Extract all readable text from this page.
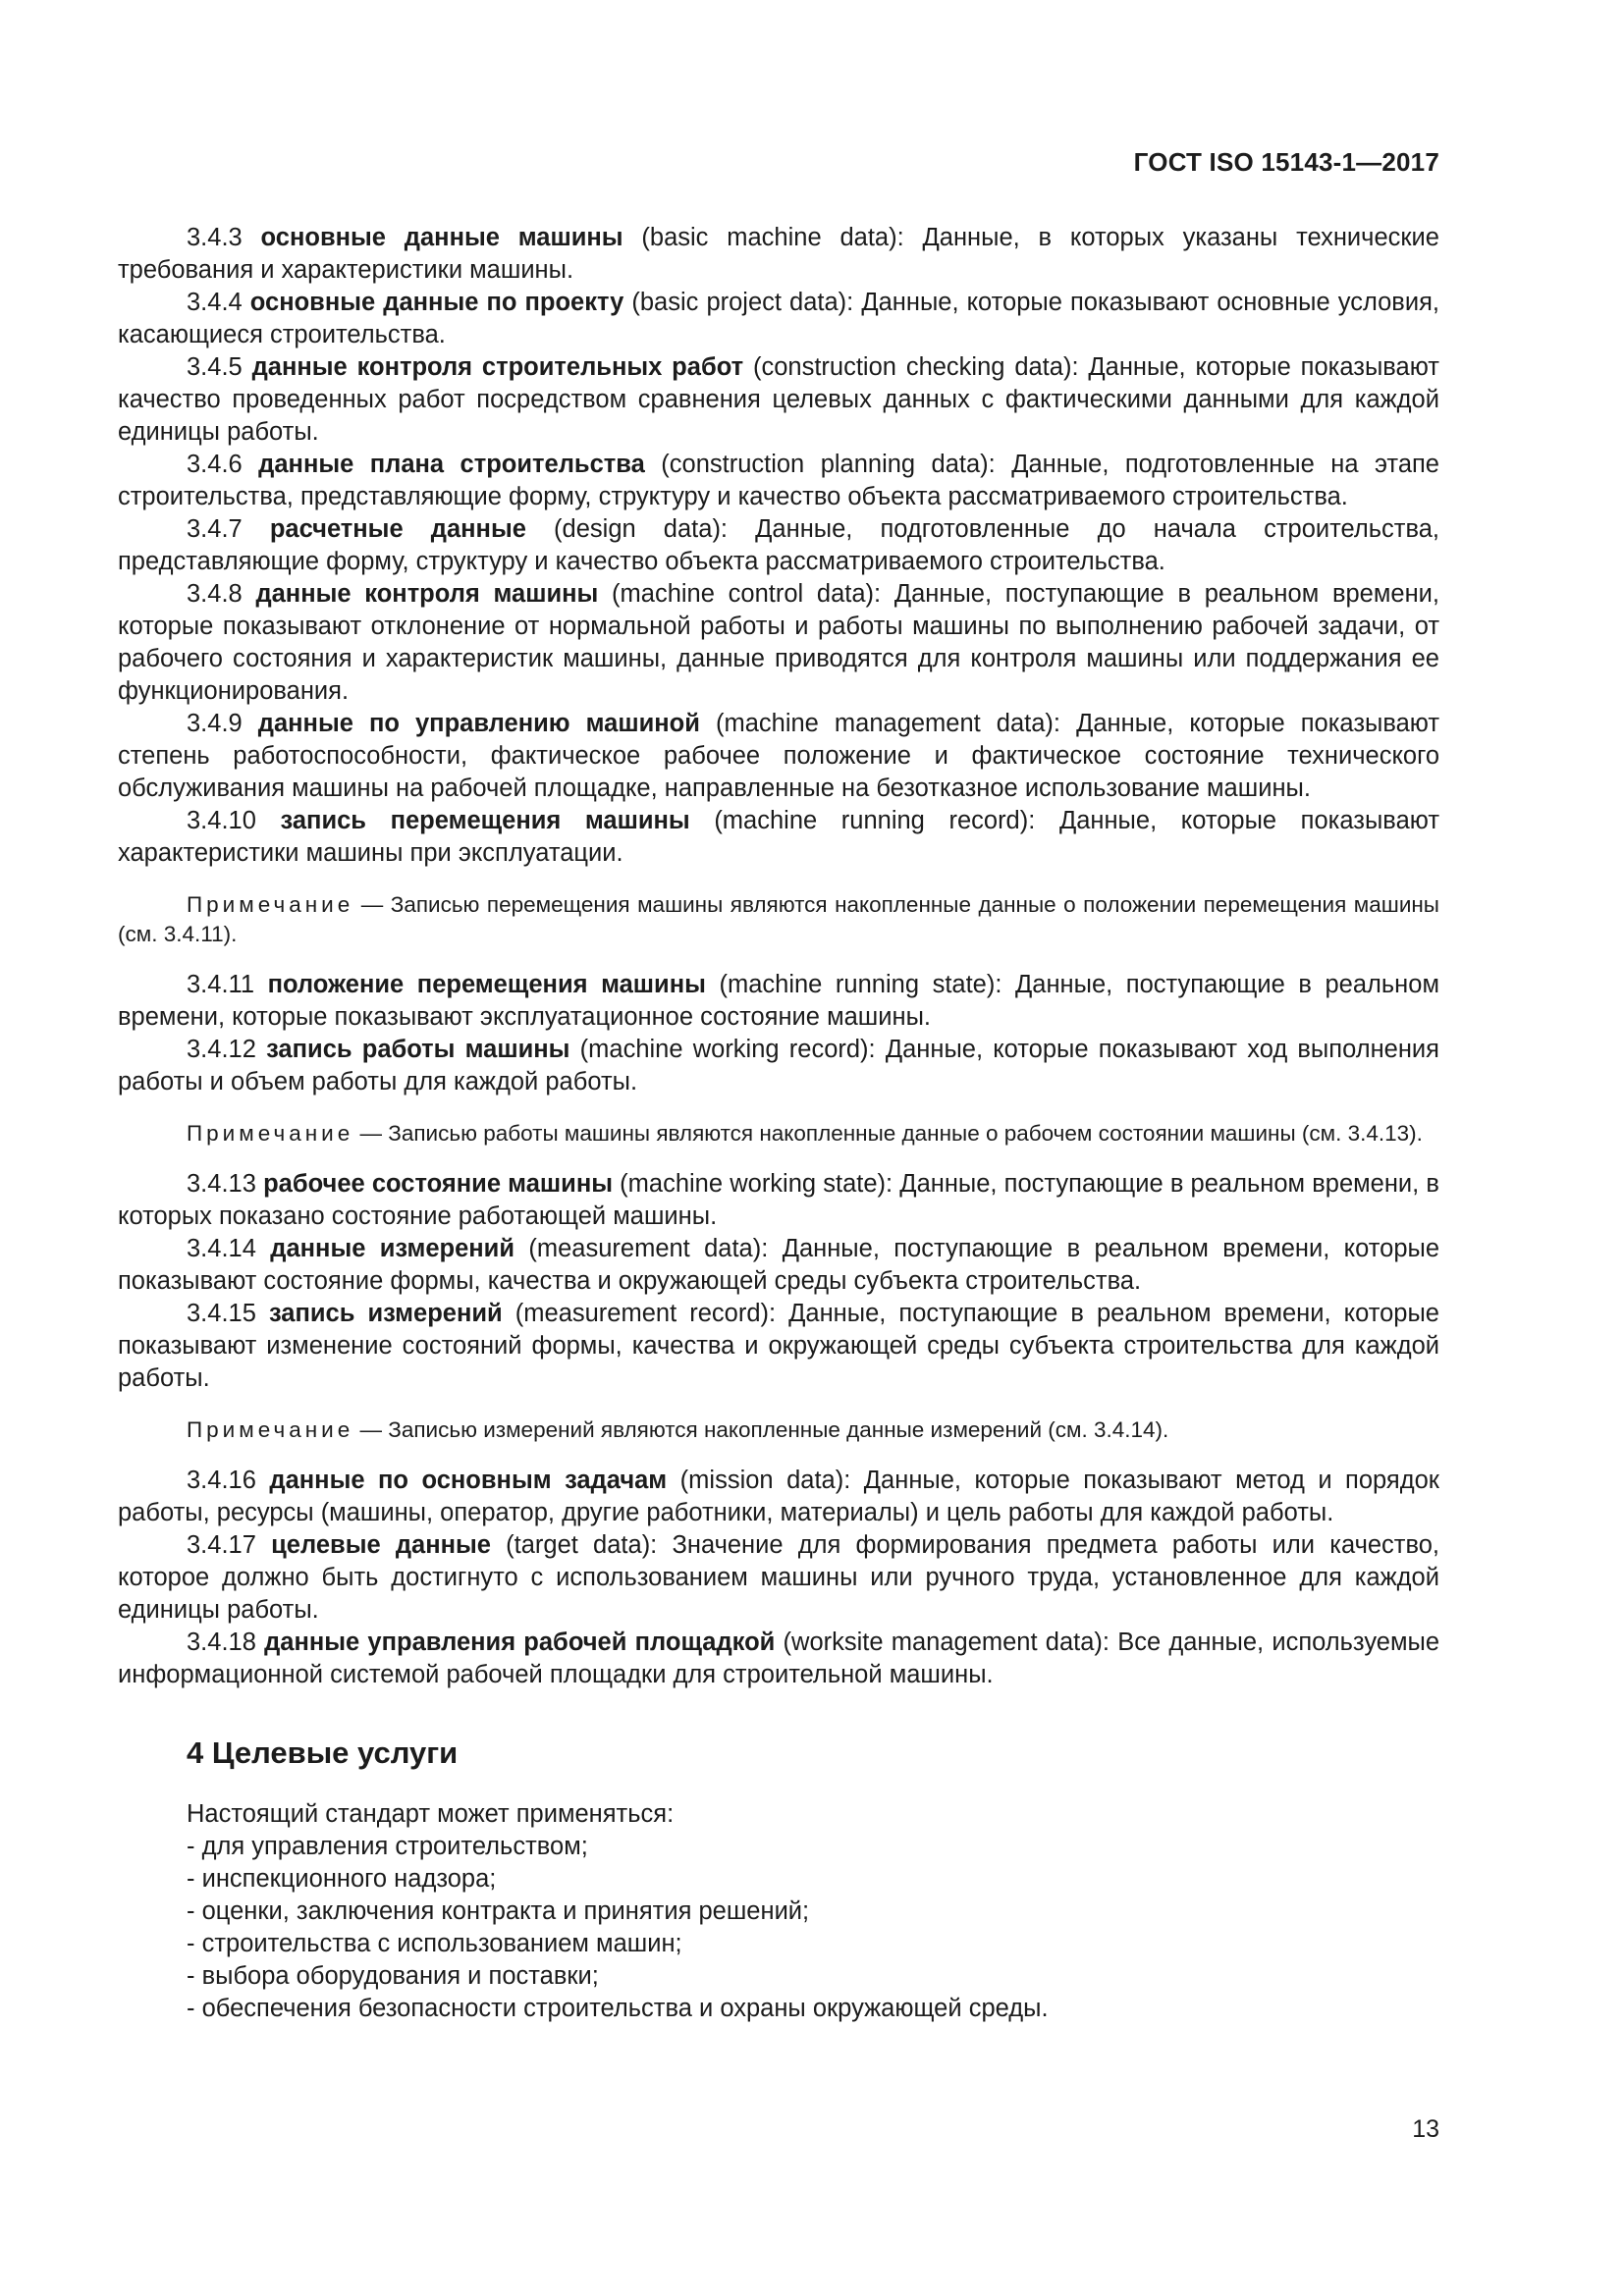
ГОСТ ISO 15143-1—2017

3.4.3 основные данные машины (basic machine data): Данные, в которых указаны технические требования и характеристики машины.

3.4.4 основные данные по проекту (basic project data): Данные, которые показывают основные условия, касающиеся строительства.

3.4.5 данные контроля строительных работ (construction checking data): Данные, которые показывают качество проведенных работ посредством сравнения целевых данных с фактическими данными для каждой единицы работы.

3.4.6 данные плана строительства (construction planning data): Данные, подготовленные на этапе строительства, представляющие форму, структуру и качество объекта рассматриваемого строительства.

3.4.7 расчетные данные (design data): Данные, подготовленные до начала строительства, представляющие форму, структуру и качество объекта рассматриваемого строительства.

3.4.8 данные контроля машины (machine control data): Данные, поступающие в реальном времени, которые показывают отклонение от нормальной работы и работы машины по выполнению рабочей задачи, от рабочего состояния и характеристик машины, данные приводятся для контроля машины или поддержания ее функционирования.

3.4.9 данные по управлению машиной (machine management data): Данные, которые показывают степень работоспособности, фактическое рабочее положение и фактическое состояние технического обслуживания машины на рабочей площадке, направленные на безотказное использование машины.

3.4.10 запись перемещения машины (machine running record): Данные, которые показывают характеристики машины при эксплуатации.

Примечание — Записью перемещения машины являются накопленные данные о положении перемещения машины (см. 3.4.11).

3.4.11 положение перемещения машины (machine running state): Данные, поступающие в реальном времени, которые показывают эксплуатационное состояние машины.

3.4.12 запись работы машины (machine working record): Данные, которые показывают ход выполнения работы и объем работы для каждой работы.

Примечание — Записью работы машины являются накопленные данные о рабочем состоянии машины (см. 3.4.13).

3.4.13 рабочее состояние машины (machine working state): Данные, поступающие в реальном времени, в которых показано состояние работающей машины.

3.4.14 данные измерений (measurement data): Данные, поступающие в реальном времени, которые показывают состояние формы, качества и окружающей среды субъекта строительства.

3.4.15 запись измерений (measurement record): Данные, поступающие в реальном времени, которые показывают изменение состояний формы, качества и окружающей среды субъекта строительства для каждой работы.

Примечание — Записью измерений являются накопленные данные измерений (см. 3.4.14).

3.4.16 данные по основным задачам (mission data): Данные, которые показывают метод и порядок работы, ресурсы (машины, оператор, другие работники, материалы) и цель работы для каждой работы.

3.4.17 целевые данные (target data): Значение для формирования предмета работы или качество, которое должно быть достигнуто с использованием машины или ручного труда, установленное для каждой единицы работы.

3.4.18 данные управления рабочей площадкой (worksite management data): Все данные, используемые информационной системой рабочей площадки для строительной машины.

4 Целевые услуги

Настоящий стандарт может применяться:

- для управления строительством;
- инспекционного надзора;
- оценки, заключения контракта и принятия решений;
- строительства с использованием машин;
- выбора оборудования и поставки;
- обеспечения безопасности строительства и охраны окружающей среды.
13
